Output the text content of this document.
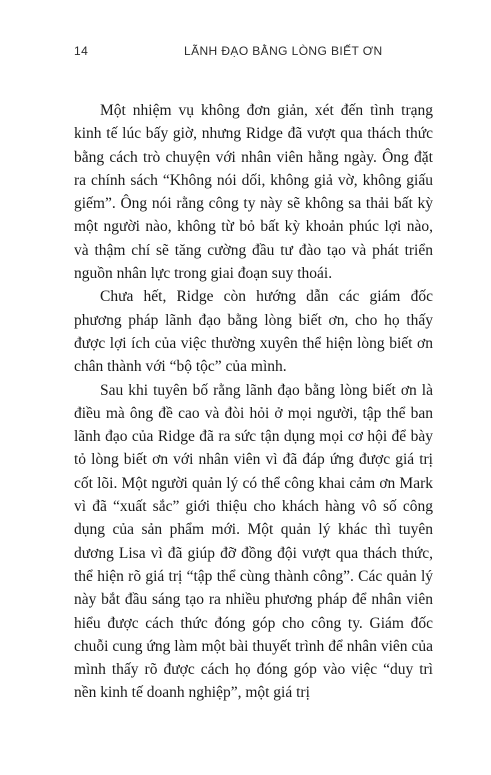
14	LÃNH ĐẠO BẰNG LÒNG BIẾT ƠN

Một nhiệm vụ không đơn giản, xét đến tình trạng kinh tế lúc bấy giờ, nhưng Ridge đã vượt qua thách thức bằng cách trò chuyện với nhân viên hằng ngày. Ông đặt ra chính sách “Không nói dối, không giả vờ, không giấu giếm”. Ông nói rằng công ty này sẽ không sa thải bất kỳ một người nào, không từ bỏ bất kỳ khoản phúc lợi nào, và thậm chí sẽ tăng cường đầu tư đào tạo và phát triển nguồn nhân lực trong giai đoạn suy thoái.

Chưa hết, Ridge còn hướng dẫn các giám đốc phương pháp lãnh đạo bằng lòng biết ơn, cho họ thấy được lợi ích của việc thường xuyên thể hiện lòng biết ơn chân thành với “bộ tộc” của mình.

Sau khi tuyên bố rằng lãnh đạo bằng lòng biết ơn là điều mà ông đề cao và đòi hỏi ở mọi người, tập thể ban lãnh đạo của Ridge đã ra sức tận dụng mọi cơ hội để bày tỏ lòng biết ơn với nhân viên vì đã đáp ứng được giá trị cốt lõi. Một người quản lý có thể công khai cảm ơn Mark vì đã “xuất sắc” giới thiệu cho khách hàng vô số công dụng của sản phẩm mới. Một quản lý khác thì tuyên dương Lisa vì đã giúp đỡ đồng đội vượt qua thách thức, thể hiện rõ giá trị “tập thể cùng thành công”. Các quản lý này bắt đầu sáng tạo ra nhiều phương pháp để nhân viên hiểu được cách thức đóng góp cho công ty. Giám đốc chuỗi cung ứng làm một bài thuyết trình để nhân viên của mình thấy rõ được cách họ đóng góp vào việc “duy trì nền kinh tế doanh nghiệp”, một giá trị
